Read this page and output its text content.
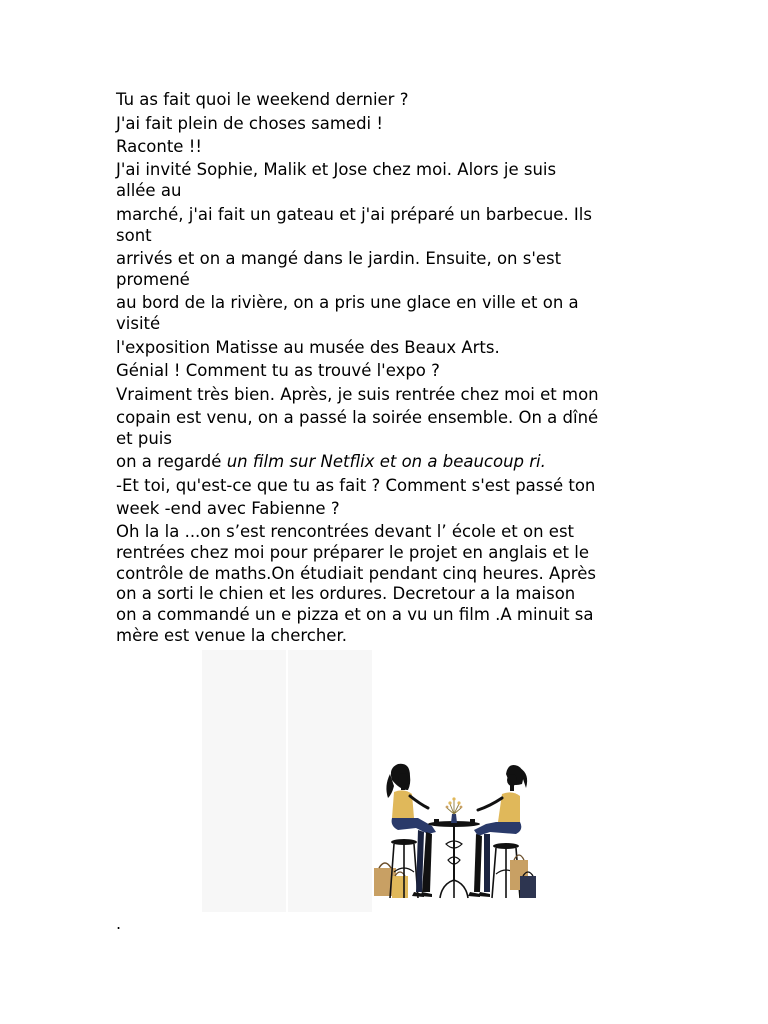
Tu as fait quoi le weekend dernier ?

J'ai fait plein de choses samedi !

Raconte !!

J'ai invité Sophie, Malik et Jose chez moi. Alors je suis

allée au

marché, j'ai fait un gateau et j'ai préparé un barbecue. Ils

sont

arrivés et on a mangé dans le jardin. Ensuite, on s'est

promené

au bord de la rivière, on a pris une glace en ville et on a

visité

l'exposition Matisse au musée des Beaux Arts.

Génial ! Comment tu as trouvé l'expo ?

Vraiment très bien. Après, je suis rentrée chez moi et mon

copain est venu, on a passé la soirée ensemble. On a dîné

et puis

on a regardé un film sur Netflix et on a beaucoup ri.

-Et toi, qu'est-ce que tu as fait ? Comment s'est passé ton

week -end avec Fabienne ?

Oh la la ...on s’est rencontrées devant l’ école et on est

rentrées chez moi pour préparer le projet en anglais et le

contrôle de maths.On étudiait pendant cinq heures. Après

on a sorti le chien et les ordures. Decretour a la maison

on a commandé un e pizza et on a vu un film .A minuit sa

mère est venue la chercher.

.
